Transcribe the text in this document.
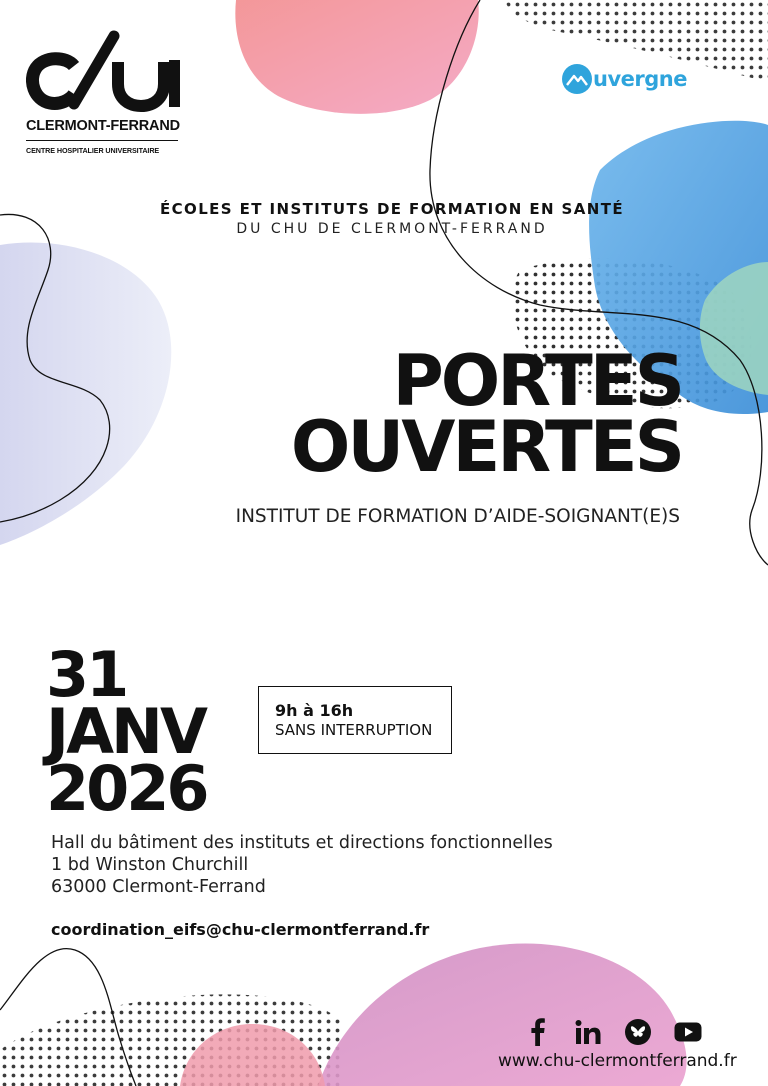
CLERMONT-FERRAND
CENTRE HOSPITALIER UNIVERSITAIRE
uvergne
ÉCOLES ET INSTITUTS DE FORMATION EN SANTÉ
DU CHU DE CLERMONT-FERRAND
PORTES
OUVERTES
INSTITUT DE FORMATION D’AIDE-SOIGNANT(E)S
31
JANV
2026
9h à 16h
SANS INTERRUPTION
Hall du bâtiment des instituts et directions fonctionnelles
1 bd Winston Churchill
63000 Clermont-Ferrand
coordination_eifs@chu-clermontferrand.fr
www.chu-clermontferrand.fr
